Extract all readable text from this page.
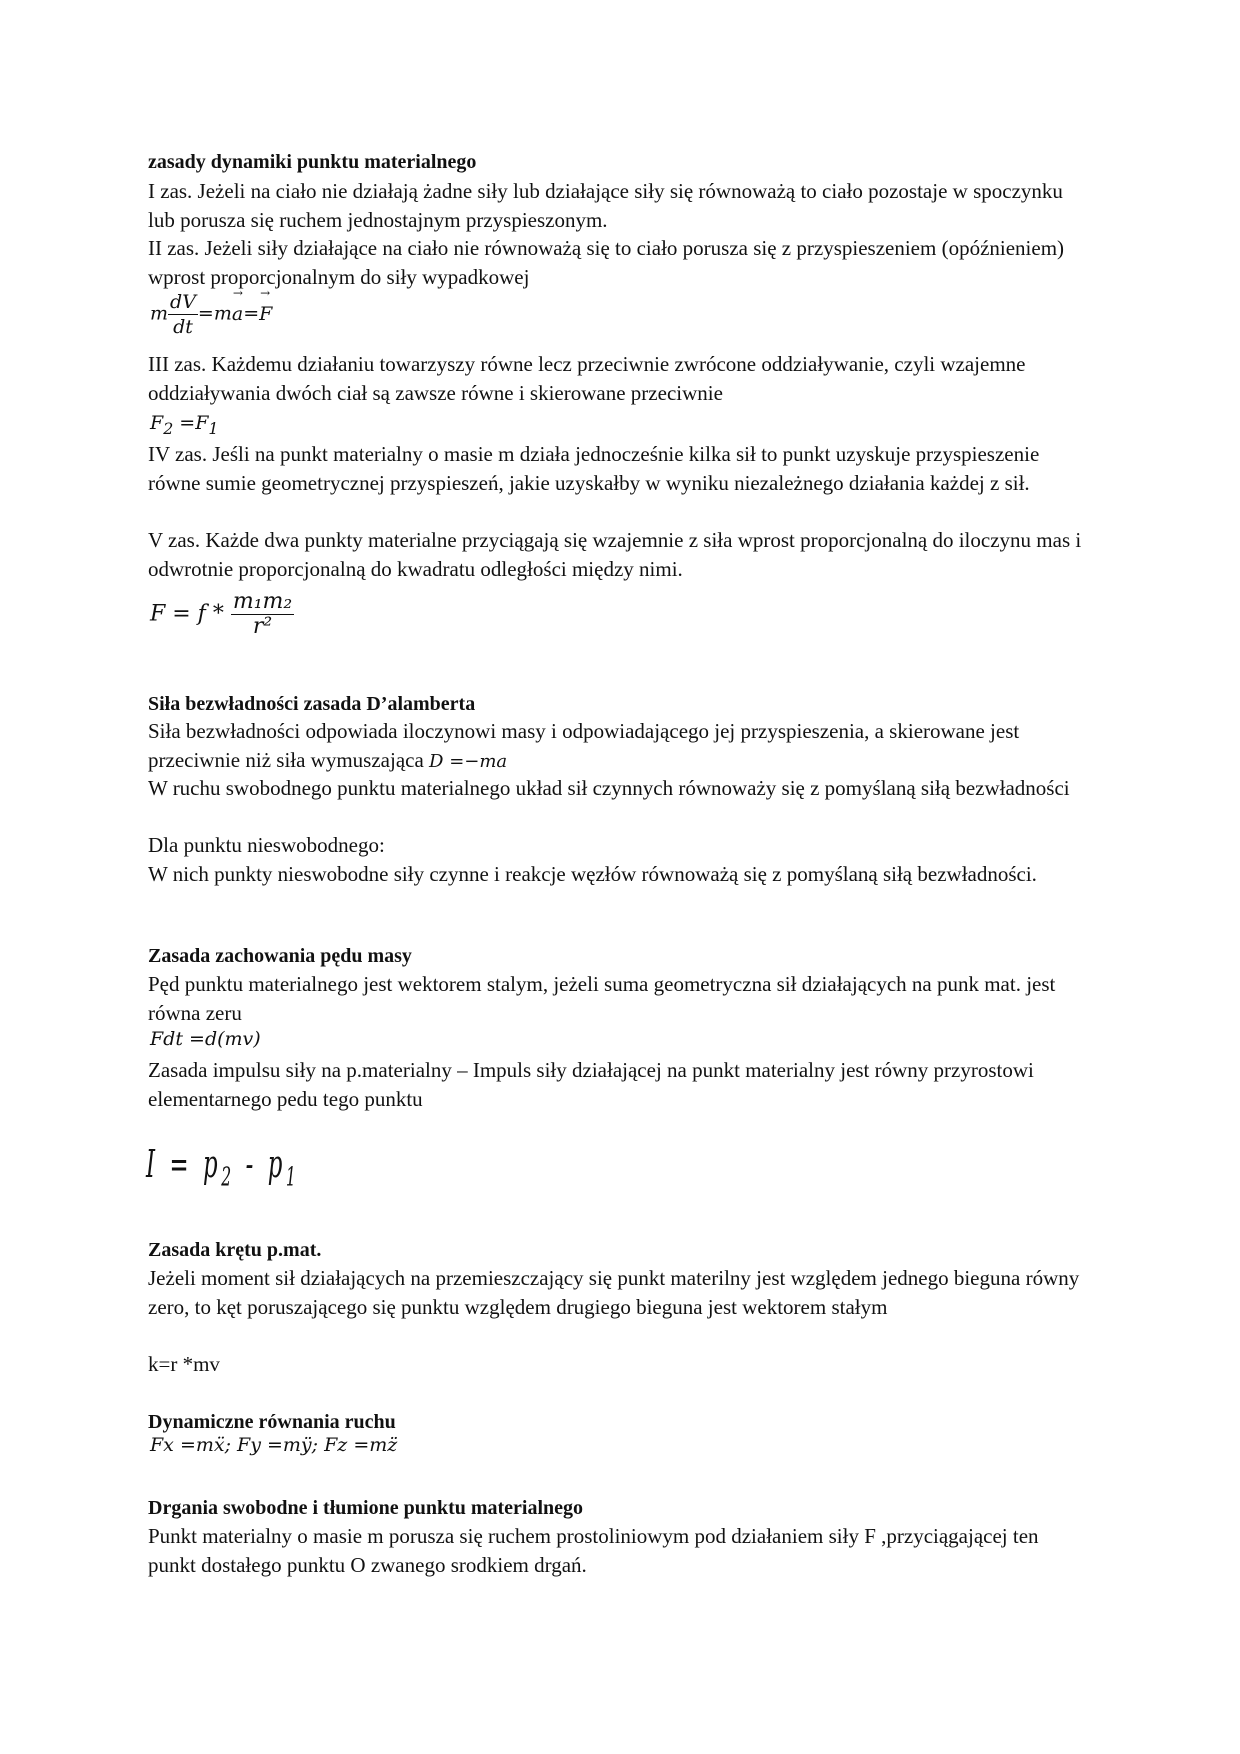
zasady dynamiki punktu materialnego

I zas. Jeżeli na ciało nie działają żadne siły lub działające siły się równoważą to ciało pozostaje w spoczynku lub porusza się ruchem jednostajnym przyspieszonym.

II zas. Jeżeli siły działające na ciało nie równoważą się to ciało porusza się z przyspieszeniem (opóźnieniem) wprost proporcjonalnym do siły wypadkowej

m $\frac{dV}{dt} =m\to a=\to F$

III zas. Każdemu działaniu towarzyszy równe lecz przeciwnie zwrócone oddziaływanie, czyli wzajemne oddziaływania dwóch ciał są zawsze równe i skierowane przeciwnie

$F_2 =F_1$

IV zas. Jeśli na punkt materialny o masie m działa jednocześnie kilka sił to punkt uzyskuje przyspieszenie równe sumie geometrycznej przyspieszeń, jakie uzyskałby w wyniku niezależnego działania każdej z sił.

V zas. Każde dwa punkty materialne przyciągają się wzajemnie z siła wprost proporcjonalną do iloczynu mas i odwrotnie proporcjonalną do kwadratu odległości między nimi.

$F = f * \frac{\text{m₁m₂}}{\text{r²}}$
Siła bezwładności zasada D’alamberta

Siła bezwładności odpowiada iloczynowi masy i odpowiadającego jej przyspieszenia, a skierowane jest przeciwnie niż siła wymuszająca D =−ma

W ruchu swobodnego punktu materialnego układ sił czynnych równoważy się z pomyślaną siłą bezwładności

Dla punktu nieswobodnego:

W nich punkty nieswobodne siły czynne i reakcje węzłów równoważą się z pomyślaną siłą bezwładności.

Zasada zachowania pędu masy

Pęd punktu materialnego jest wektorem stalym, jeżeli suma geometryczna sił działających na punk mat. jest równa zeru

Fdt =d(mv)

Zasada impulsu siły na p.materialny – Impuls siły działającej na punkt materialny jest równy przyrostowi elementarnego pedu tego punktu

$I = p_2 - p_1$
Zasada krętu p.mat.

Jeżeli moment sił działających na przemieszczający się punkt materilny jest względem jednego bieguna równy zero, to kęt poruszającego się punktu względem drugiego bieguna jest wektorem stałym

k=r *mv

Dynamiczne równania ruchu
Fx =mẍ; Fy =mÿ; Fz =mz̈
Drgania swobodne i tłumione punktu materialnego

Punkt materialny o masie m porusza się ruchem prostoliniowym pod działaniem siły F ,przyciągającej ten punkt dostałego punktu O zwanego srodkiem drgań.
